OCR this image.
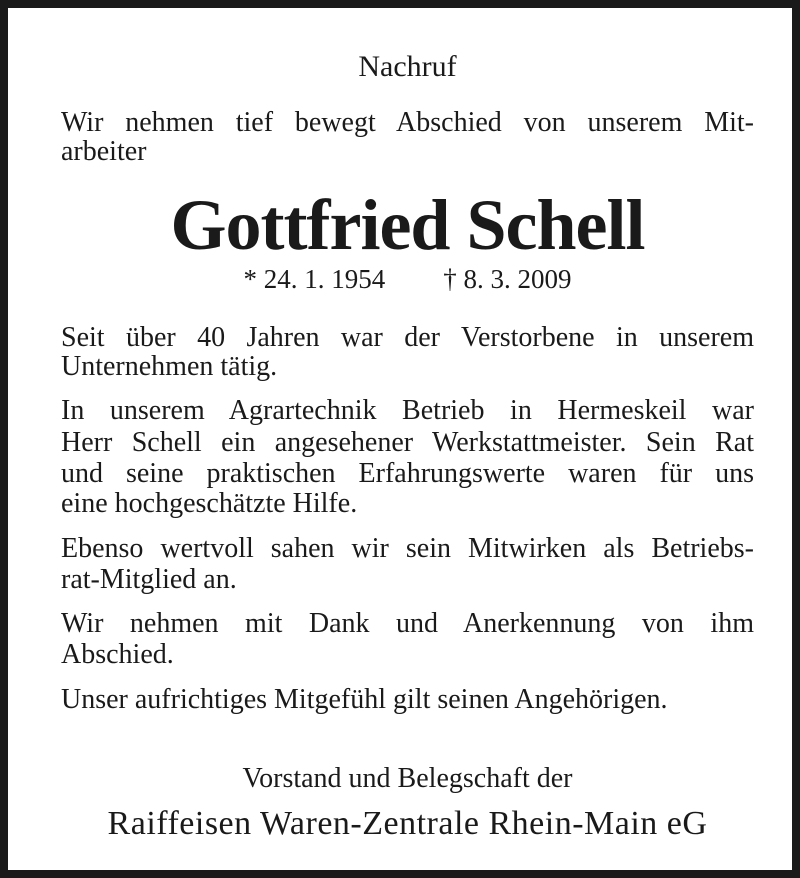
Nachruf
Wir nehmen tief bewegt Abschied von unserem Mit-
arbeiter
Gottfried Schell
* 24. 1. 1954 † 8. 3. 2009
Seit über 40 Jahren war der Verstorbene in unserem
Unternehmen tätig.
In unserem Agrartechnik Betrieb in Hermeskeil war
Herr Schell ein angesehener Werkstattmeister. Sein Rat
und seine praktischen Erfahrungswerte waren für uns
eine hochgeschätzte Hilfe.
Ebenso wertvoll sahen wir sein Mitwirken als Betriebs-
rat-Mitglied an.
Wir nehmen mit Dank und Anerkennung von ihm
Abschied.
Unser aufrichtiges Mitgefühl gilt seinen Angehörigen.
Vorstand und Belegschaft der
Raiffeisen Waren-Zentrale Rhein-Main eG
